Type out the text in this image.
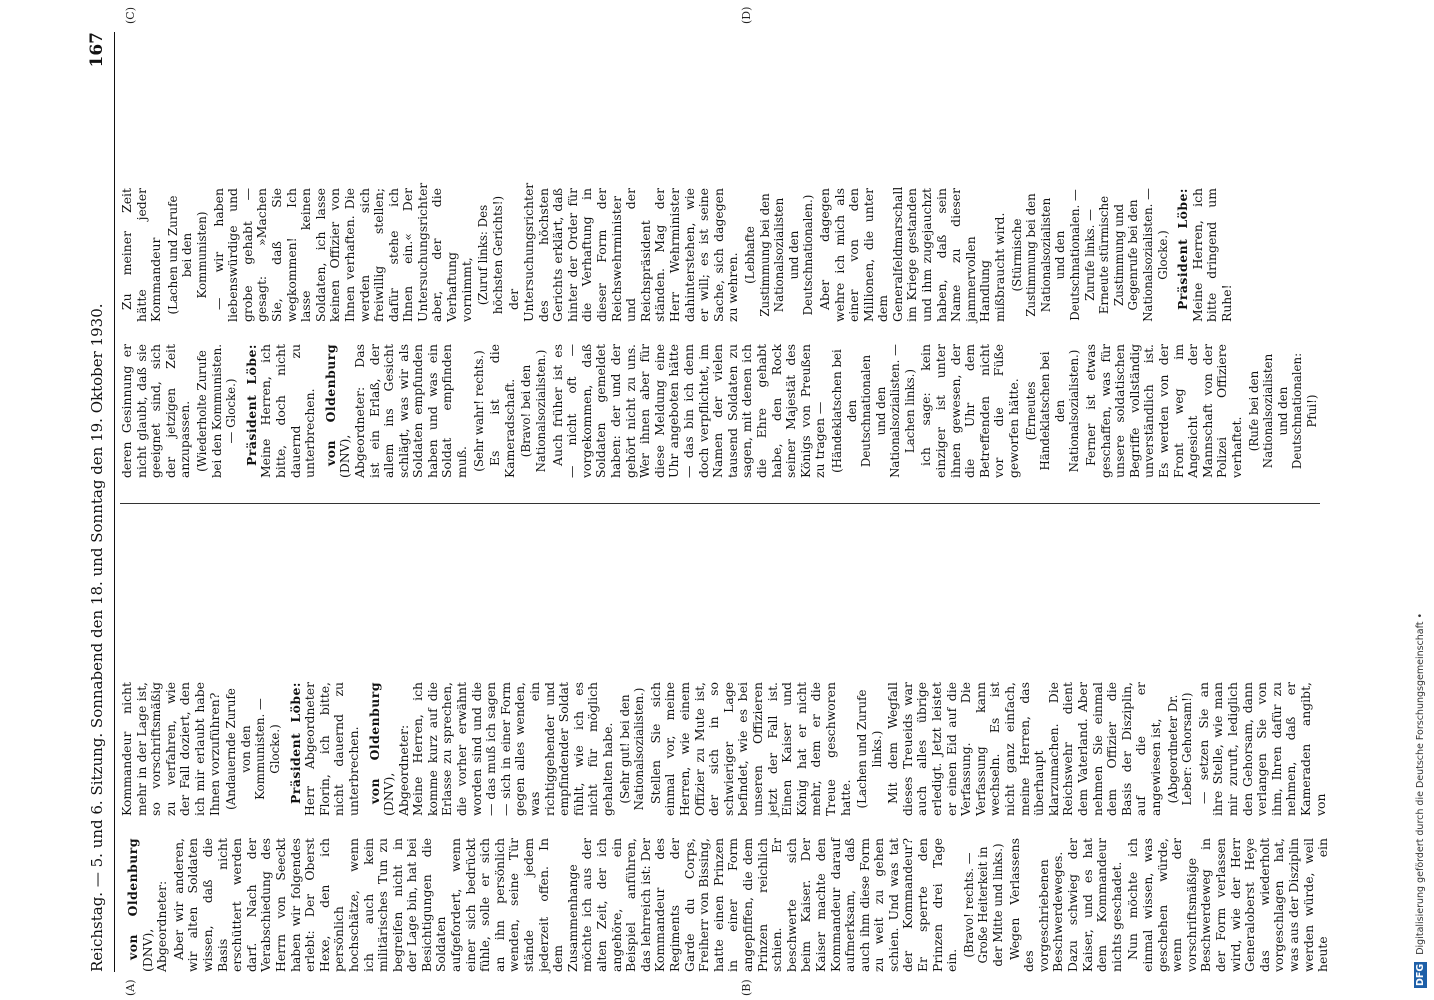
Reichstag. — 5. und 6. Sitzung. Sonnabend den 18. und Sonntag den 19. Oktober 1930.
167

von Oldenburg (DNV), Abgeordneter: Aber wir anderen, wir alten Soldaten wissen, daß die Basis nicht erschüttert werden darf. Nach der Verabschiedung des Herrn von Seeckt haben wir folgendes erlebt: Der Oberst Hexe, den ich persönlich hochschätze, wenn ich auch kein militärisches Tun zu begreifen nicht in der Lage bin, hat bei Besichtigungen die Soldaten aufgefordert, wenn einer sich bedrückt fühle, solle er sich an ihn persönlich wenden, seine Tür stände jedem jederzeit offen. In dem Zusammenhange möchte ich aus der alten Zeit, der ich angehöre, ein Beispiel anführen, das lehrreich ist: Der Kommandeur des Regiments der Garde du Corps, Freiherr von Bissing, hatte einen Prinzen in einer Form angepfiffen, die dem Prinzen reichlich schien. Er beschwerte sich beim Kaiser. Der Kaiser machte den Kommandeur darauf aufmerksam, daß auch ihm diese Form zu weit zu gehen schien. Und was tat der Kommandeur? Er sperrte den Prinzen drei Tage ein.

(Bravo! rechts. — Große Heiterkeit in der Mitte und links.) Wegen Verlassens des vorgeschriebenen Beschwerdeweges. Dazu schwieg der Kaiser, und es hat dem Kommandeur nichts geschadet. Nun möchte ich einmal wissen, was geschehen würde, wenn der vorschriftsmäßige Beschwerdeweg in der Form verlassen wird, wie der Herr Generaloberst Heye das wiederholt vorgeschlagen hat, was aus der Disziplin werden würde, weil heute ein Kommandeur nicht mehr in der Lage ist, so vorschriftsmäßig zu verfahren, wie der Fall doziert, den ich mir erlaubt habe Ihnen vorzuführen? (Andauernde Zurufe von den Kommunisten. — Glocke.) Präsident Löbe: Herr Abgeordneter Florin, ich bitte, nicht dauernd zu unterbrechen. von Oldenburg (DNV), Abgeordneter: Meine Herren, ich komme kurz auf die Erlasse zu sprechen, die vorher erwähnt worden sind und die — das muß ich sagen — sich in einer Form gegen alles wenden, was ein richtiggehender und empfindender Soldat fühlt, wie ich es nicht für möglich gehalten habe. (Sehr gut! bei den Nationalsozialisten.) Stellen Sie sich einmal vor, meine Herren, wie einem Offizier zu Mute ist, der sich in so schwieriger Lage befindet, wie es bei unseren Offizieren jetzt der Fall ist. Einen Kaiser und König hat er nicht mehr, dem er die Treue geschworen hatte. (Lachen und Zurufe links.) Mit dem Wegfall dieses Treueids war auch alles übrige erledigt. Jetzt leistet er einen Eid auf die Verfassung. Die Verfassung kann wechseln. Es ist nicht ganz einfach, meine Herren, das überhaupt klarzumachen. Die Reichswehr dient dem Vaterland. Aber nehmen Sie einmal dem Offizier die Basis der Disziplin, auf die er angewiesen ist, (Abgeordneter Dr. Leber: Gehorsam!) — setzen Sie an ihre Stelle, wie man mir zuruft, lediglich den Gehorsam, dann verlangen Sie von ihm, Ihren dafür zu nehmen, daß er Kameraden angibt, von

deren Gesinnung er nicht glaubt, daß sie geeignet sind, sich der jetzigen Zeit anzupassen. (Wiederholte Zurufe bei den Kommunisten. — Glocke.) Präsident Löbe: Meine Herren, ich bitte, doch nicht dauernd zu unterbrechen. von Oldenburg (DNV), Abgeordneter: Das ist ein Erlaß, der allem ins Gesicht schlägt, was wir als Soldaten empfunden haben und was ein Soldat empfinden muß. (Sehr wahr! rechts.) Es ist die Kameradschaft. (Bravo! bei den Nationalsozialisten.) Auch früher ist es — nicht oft — vorgekommen, daß Soldaten gemeldet haben: der und der gehört nicht zu uns. Wer ihnen aber für diese Meldung eine Uhr angeboten hätte — das bin ich denn doch verpflichtet, im Namen der vielen tausend Soldaten zu sagen, mit denen ich die Ehre gehabt habe, den Rock seiner Majestät des Königs von Preußen zu tragen — (Händeklatschen bei den Deutschnationalen und den Nationalsozialisten. — Lachen links.) ich sage: kein einziger ist unter ihnen gewesen, der die Uhr dem Betreffenden nicht vor die Füße geworfen hätte. (Erneutes Händeklatschen bei den Nationalsozialisten.) Ferner ist etwas geschaffen, was für unsere soldatischen Begriffe vollständig unverständlich ist. Es werden von der Front weg im Angesicht der Mannschaft von der Polizei Offiziere verhaftet. (Rufe bei den Nationalsozialisten und den Deutschnationalen: Pfui!)

Zu meiner Zeit hätte jeder Kommandeur (Lachen und Zurufe bei den Kommunisten) — wir haben liebenswürdige und grobe gehabt — gesagt: »Machen Sie, daß Sie wegkommen! Ich lasse keinen Soldaten, ich lasse keinen Offizier von Ihnen verhaften. Die werden sich freiwillig stellen; dafür stehe ich Ihnen ein.« Der Untersuchungsrichter aber, der die Verhaftung vornimmt, (Zuruf links: Des höchsten Gerichts!) der Untersuchungsrichter des höchsten Gerichts erklärt, daß hinter der Order für die Verhaftung in dieser Form der Reichswehrminister und der Reichspräsident ständen. Mag der Herr Wehrminister dahinterstehen, wie er will; es ist seine Sache, sich dagegen zu wehren. (Lebhafte Zustimmung bei den Nationalsozialisten und den Deutschnationalen.) Aber dagegen wehre ich mich als einer von den Millionen, die unter dem Generalfeldmarschall im Kriege gestanden und ihm zugejauchzt haben, daß sein Name zu dieser jammervollen Handlung mißbraucht wird. (Stürmische Zustimmung bei den Nationalsozialisten und den Deutschnationalen. — Zurufe links. — Erneute stürmische Zustimmung und Gegenrufe bei den Nationalsozialisten. — Glocke.) Präsident Löbe: Meine Herren, ich bitte dringend um Ruhe!

(A)	(B)
(C)	(D)
DFG Digitalisierung gefördert durch die Deutsche Forschungsgemeinschaft •
